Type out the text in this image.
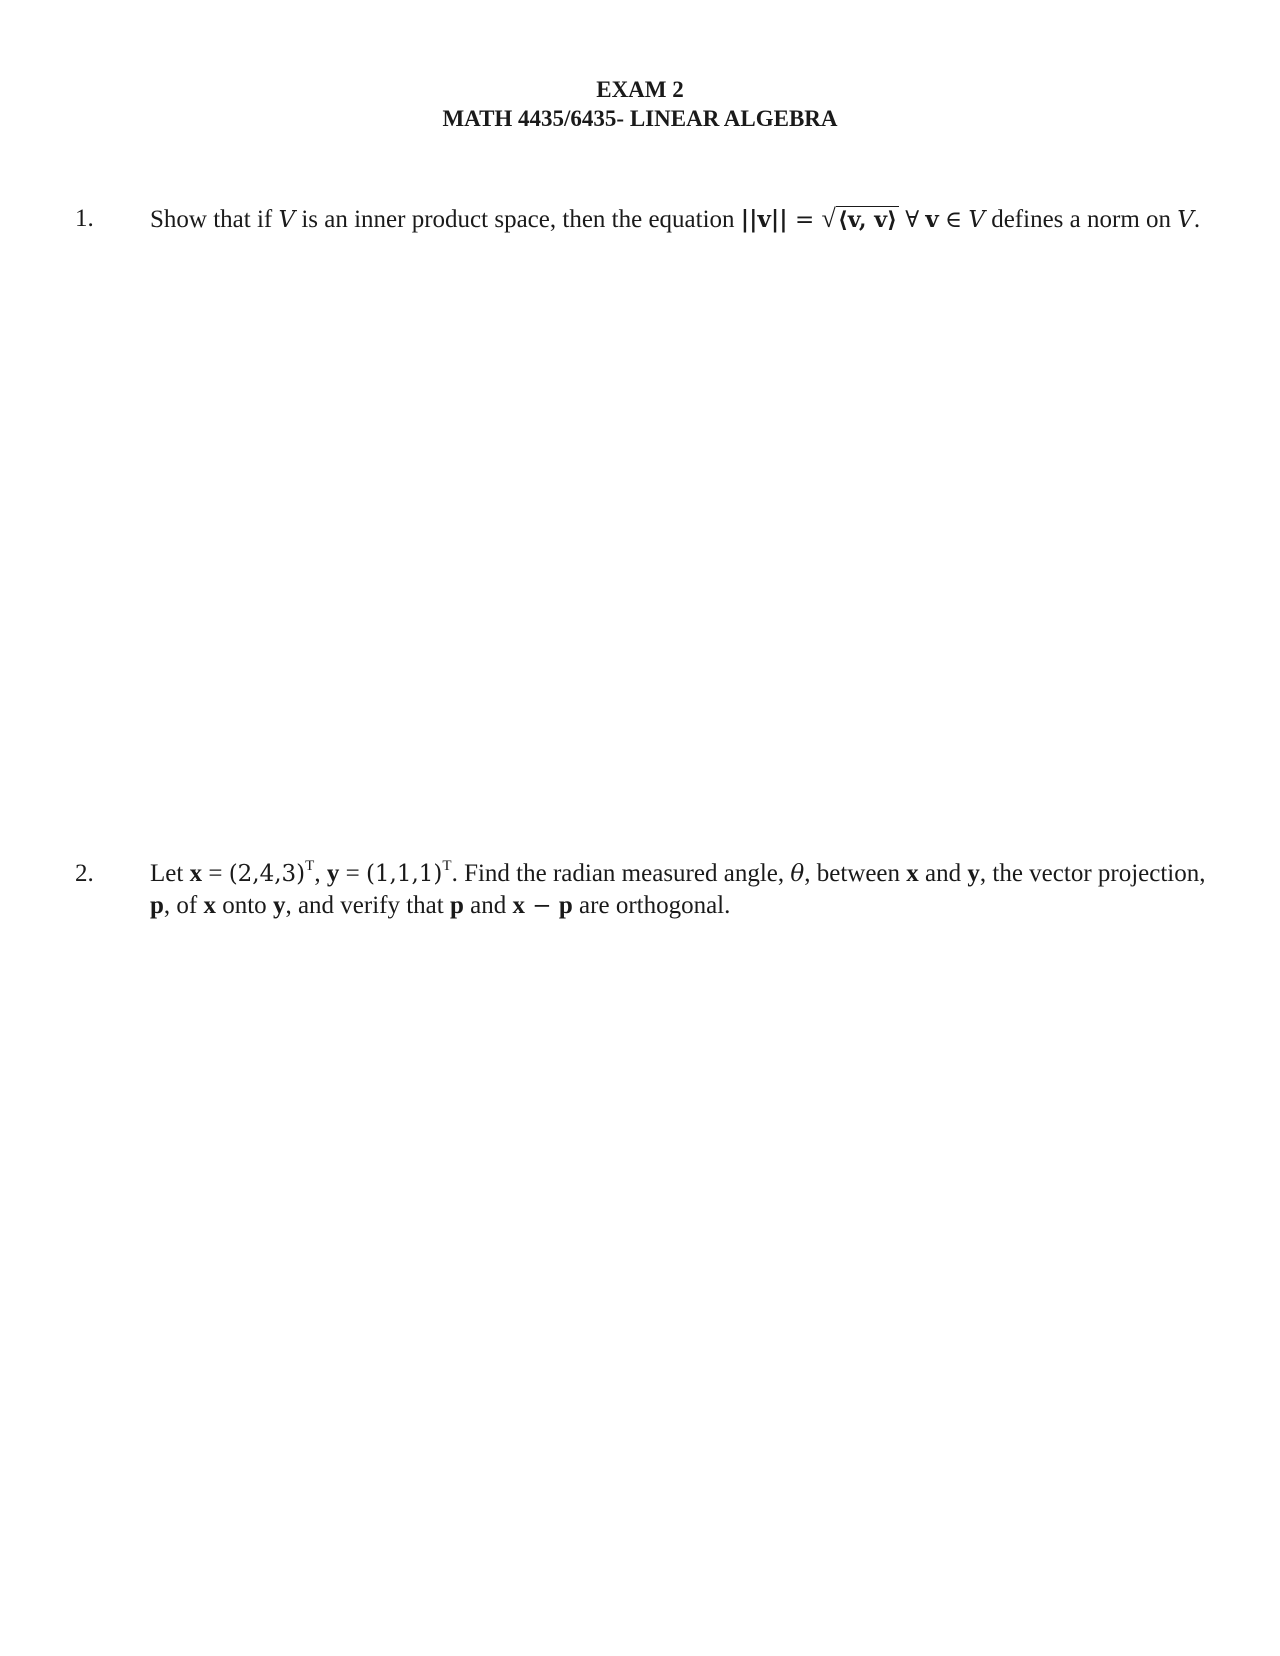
EXAM 2
MATH 4435/6435- LINEAR ALGEBRA
1. Show that if V is an inner product space, then the equation ||v|| = √⟨v, v⟩ ∀ v ∈ V defines a norm on V.
2. Let $x = (2,4,3)^T$, $y = (1,1,1)^T$. Find the radian measured angle, θ, between x and y, the vector projection, p, of x onto y, and verify that p and x − p are orthogonal.
